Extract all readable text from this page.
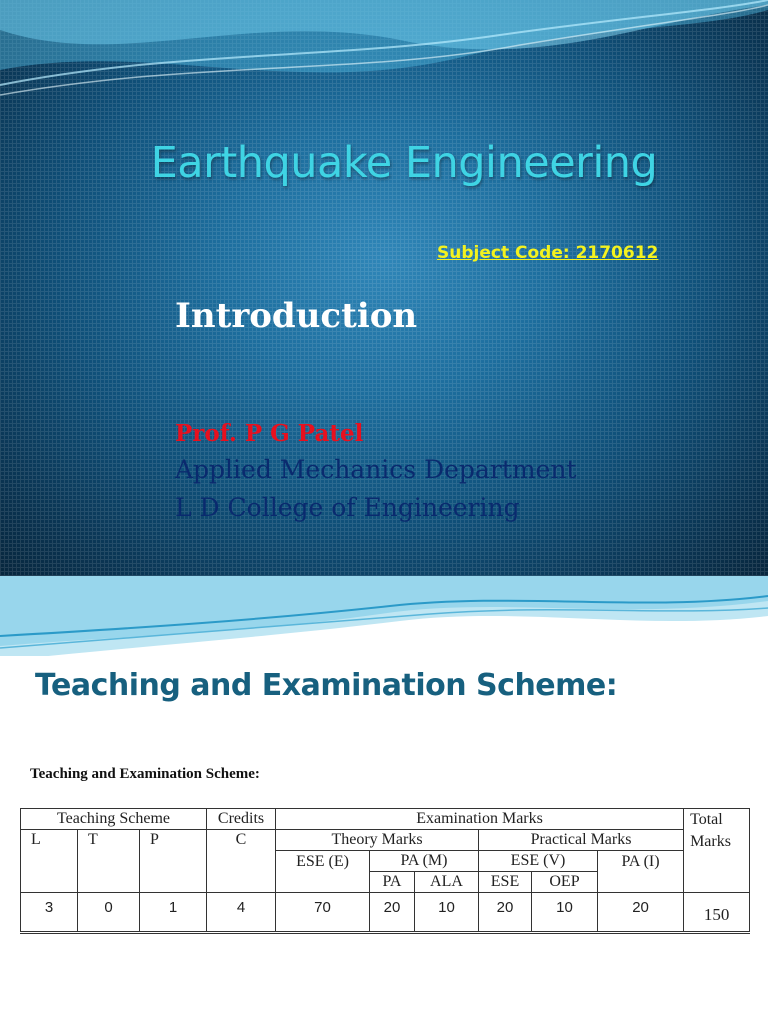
Earthquake Engineering
Subject Code: 2170612
Introduction
Prof. P G Patel
Applied Mechanics Department
L D College of Engineering
Teaching and Examination Scheme:
Teaching and Examination Scheme:
Teaching Scheme			Credits	Examination Marks						Total Marks
L	T	P	C	Theory Marks			Practical Marks			
				ESE (E)	PA (M)		ESE (V)		PA (I)	
					PA	ALA	ESE	OEP		
3	0	1	4	70	20	10	20	10	20	150
